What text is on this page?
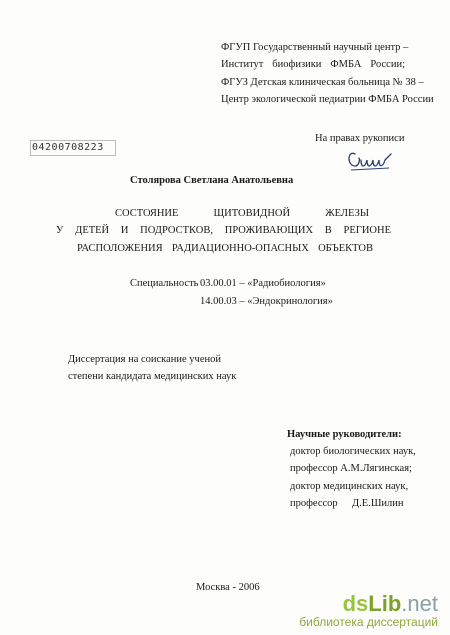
ФГУП Государственный научный центр –
Институт биофизики ФМБА России;
ФГУЗ Детская клиническая больница № 38 –
Центр экологической педиатрии ФМБА России
На правах рукописи
04200708223
Столярова Светлана Анатольевна
СОСТОЯНИЕ ЩИТОВИДНОЙ ЖЕЛЕЗЫ
У ДЕТЕЙ И ПОДРОСТКОВ, ПРОЖИВАЮЩИХ В РЕГИОНЕ
РАСПОЛОЖЕНИЯ РАДИАЦИОННО-ОПАСНЫХ ОБЪЕКТОВ
Специальность 03.00.01 – «Радиобиология»
14.00.03 – «Эндокринология»
Диссертация на соискание ученой
степени кандидата медицинских наук
Научные руководители:
доктор биологических наук,
профессор А.М.Лягинская;
доктор медицинских наук,
профессор Д.Е.Шилин
Москва - 2006
dsLib.net
библиотека диссертаций
